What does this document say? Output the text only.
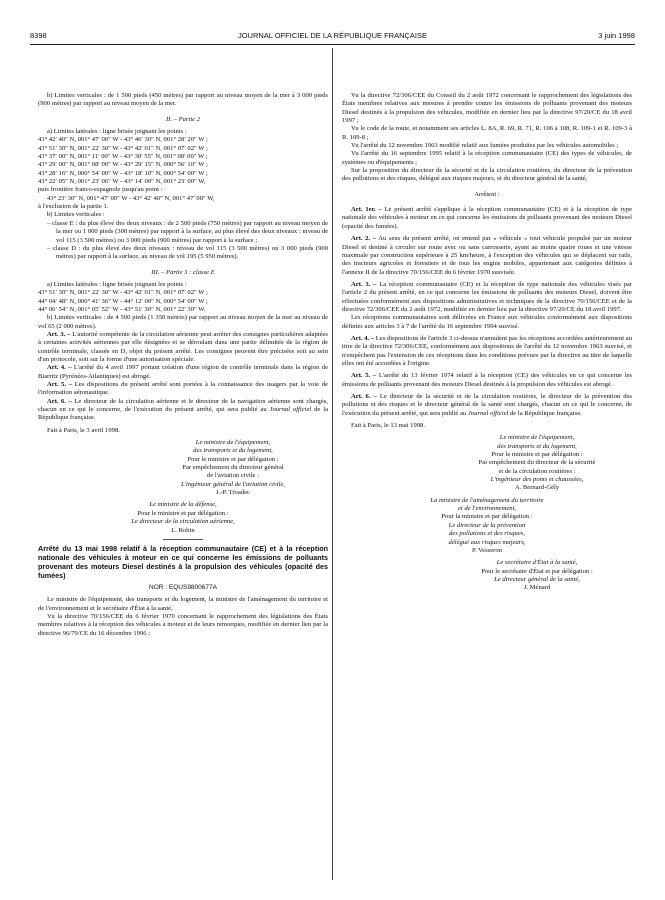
8398	JOURNAL OFFICIEL DE LA RÉPUBLIQUE FRANÇAISE	3 juin 1998

b) Limites verticales : de 1 500 pieds (450 mètres) par rapport au niveau moyen de la mer à 3 000 pieds (900 mètres) par rapport au niveau moyen de la mer.

II. – Partie 2

a) Limites latérales : ligne brisée joignant les points :

43° 42′ 40″ N, 001° 47′ 00″ W - 43° 46′ 30″ N, 001° 28′ 20″ W ;

43° 51′ 30″ N, 001° 22′ 30″ W - 43° 42′ 01″ N, 001° 07′ 02″ W ;

43° 37′ 00″ N, 001° 11′ 00″ W - 43° 30′ 55″ N, 001° 08′ 00″ W ;

43° 29′ 00″ N, 001° 08′ 00″ W - 43° 29′ 15″ N, 000° 56′ 10″ W ;

43° 28′ 16″ N, 000° 54′ 00″ W - 43° 18′ 10″ N, 000° 54′ 00″ W ;

43° 22′ 05″ N, 001° 23′ 06″ W - 43° 14′ 00″ N, 001° 23′ 00″ W,

puis frontière franco-espagnole jusqu'au point :

43° 23′ 30″ N, 001° 47′ 00″ W - 43° 42′ 40″ N, 001° 47′ 00″ W,

à l'exclusion de la partie 1.

b) Limites verticales :

– classe E : du plus élevé des deux niveaux : de 2 500 pieds (750 mètres) par rapport au niveau moyen de la mer ou 1 000 pieds (300 mètres) par rapport à la surface, au plus élevé des deux niveaux : niveau de vol 115 (3 500 mètres) ou 3 000 pieds (900 mètres) par rapport à la surface ;

– classe D : du plus élevé des deux niveaux : niveau de vol 115 (3 500 mètres) ou 3 000 pieds (900 mètres) par rapport à la surface, au niveau de vol 195 (5 950 mètres).

III. – Partie 3 : classe E

a) Limites latérales : ligne brisée joignant les points :

43° 51′ 30″ N, 001° 22′ 30″ W - 43° 42′ 01″ N, 001° 07′ 02″ W ;

44° 04′ 48″ N, 000° 41′ 36″ W - 44° 12′ 00″ N, 000° 54′ 00″ W ;

44° 06′ 54″ N, 001° 05′ 52″ W - 43° 51′ 30″ N, 001° 22′ 30″ W.

b) Limites verticales : de 4 500 pieds (1 350 mètres) par rapport au niveau moyen de la mer au niveau de vol 65 (2 000 mètres).

Art. 3. – L'autorité compétente de la circulation aérienne peut arrêter des consignes particulières adaptées à certaines activités aériennes par elle désignées et se déroulant dans une partie délimitée de la région de contrôle terminale, classée en D, objet du présent arrêté. Les consignes peuvent être précisées soit au sein d'un protocole, soit sur la forme d'une autorisation spéciale.

Art. 4. – L'arrêté du 4 avril 1997 portant création d'une région de contrôle terminale dans la région de Biarritz (Pyrénées-Atlantiques) est abrogé.

Art. 5. – Les dispositions du présent arrêté sont portées à la connaissance des usagers par la voie de l'information aéronautique.

Art. 6. – Le directeur de la circulation aérienne et le directeur de la navigation aérienne sont chargés, chacun en ce qui le concerne, de l'exécution du présent arrêté, qui sera publié au Journal officiel de la République française.

Fait à Paris, le 3 avril 1998.

Le ministre de l'équipement,

des transports et du logement,

Pour le ministre et par délégation :

Par empêchement du directeur général

de l'aviation civile :

L'ingénieur général de l'aviation civile,

J.-P. Troadec

Le ministre de la défense,

Pour le ministre et par délégation :

Le directeur de la circulation aérienne,

L. Robin

Arrêté du 13 mai 1998 relatif à la réception communautaire (CE) et à la réception nationale des véhicules à moteur en ce qui concerne les émissions de polluants provenant des moteurs Diesel destinés à la propulsion des véhicules (opacité des fumées)

NOR : EQUS9800677A

Le ministre de l'équipement, des transports et du logement, la ministre de l'aménagement du territoire et de l'environnement et le secrétaire d'État à la santé,

Vu la directive 70/156/CEE du 6 février 1970 concernant le rapprochement des législations des États membres relatives à la réception des véhicules à moteur et de leurs remorques, modifiée en dernier lieu par la directive 96/79/CE du 16 décembre 1996 ;

Vu la directive 72/306/CEE du Conseil du 2 août 1972 concernant le rapprochement des législations des États membres relatives aux mesures à prendre contre les émissions de polluants provenant des moteurs Diesel destinés à la propulsion des véhicules, modifiée en dernier lieu par la directive 97/20/CE du 18 avril 1997 ;

Vu le code de la route, et notamment ses articles L. 8A, R. 69, R. 71, R. 106 à 108, R. 109-1 et R. 109-3 à R. 109-8 ;

Vu l'arrêté du 12 novembre 1963 modifié relatif aux fumées produites par les véhicules automobiles ;

Vu l'arrêté du 16 septembre 1995 relatif à la réception communautaire (CE) des types de véhicules, de systèmes ou d'équipements ;

Sur la proposition du directeur de la sécurité et de la circulation routières, du directeur de la prévention des pollutions et des risques, délégué aux risques majeurs, et du directeur général de la santé,

Arrêtent :

Art. 1er. – Le présent arrêté s'applique à la réception communautaire (CE) et à la réception de type nationale des véhicules à moteur en ce qui concerne les émissions de polluants provenant des moteurs Diesel (opacité des fumées).

Art. 2. – Au sens du présent arrêté, on entend par « véhicule » tout véhicule propulsé par un moteur Diesel et destiné à circuler sur route avec ou sans carrosserie, ayant au moins quatre roues et une vitesse maximale par construction supérieure à 25 km/heure, à l'exception des véhicules qui se déplacent sur rails, des tracteurs agricoles et forestiers et de tous les engins mobiles, appartenant aux catégories définies à l'annexe II de la directive 70/156/CEE du 6 février 1970 susvisée.

Art. 3. – La réception communautaire (CE) et la réception de type nationale des véhicules visés par l'article 2 du présent arrêté, en ce qui concerne les émissions de polluants des moteurs Diesel, doivent être effectuées conformément aux dispositions administratives et techniques de la directive 70/156/CEE et de la directive 72/306/CEE du 2 août 1972, modifiée en dernier lieu par la directive 97/20/CE du 18 avril 1997.

Les réceptions communautaires sont délivrées en France aux véhicules conformément aux dispositions définies aux articles 3 à 7 de l'arrêté du 16 septembre 1994 susvisé.

Art. 4. – Les dispositions de l'article 3 ci-dessus n'annulent pas les réceptions accordées antérieurement au titre de la directive 72/306/CEE, conformément aux dispositions de l'arrêté du 12 novembre 1963 susvisé, et n'empêchent pas l'extension de ces réceptions dans les conditions prévues par la directive au titre de laquelle elles ont été accordées à l'origine.

Art. 5. – L'arrêté du 13 février 1974 relatif à la réception (CE) des véhicules en ce qui concerne les émissions de polluants provenant des moteurs Diesel destinés à la propulsion des véhicules est abrogé.

Art. 6. – Le directeur de la sécurité et de la circulation routières, le directeur de la prévention des pollutions et des risques et le directeur général de la santé sont chargés, chacun en ce qui le concerne, de l'exécution du présent arrêté, qui sera publié au Journal officiel de la République française.

Fait à Paris, le 13 mai 1998.

Le ministre de l'équipement,

des transports et du logement,

Pour le ministre et par délégation :

Par empêchement du directeur de la sécurité

et de la circulation routières :

L'ingénieur des ponts et chaussées,

A. Bernard-Gély

La ministre de l'aménagement du territoire

et de l'environnement,

Pour la ministre et par délégation :

Le directeur de la prévention

des pollutions et des risques,

délégué aux risques majeurs,

P. Vesseron

Le secrétaire d'État à la santé,

Pour le secrétaire d'État et par délégation :

Le directeur général de la santé,

J. Ménard
